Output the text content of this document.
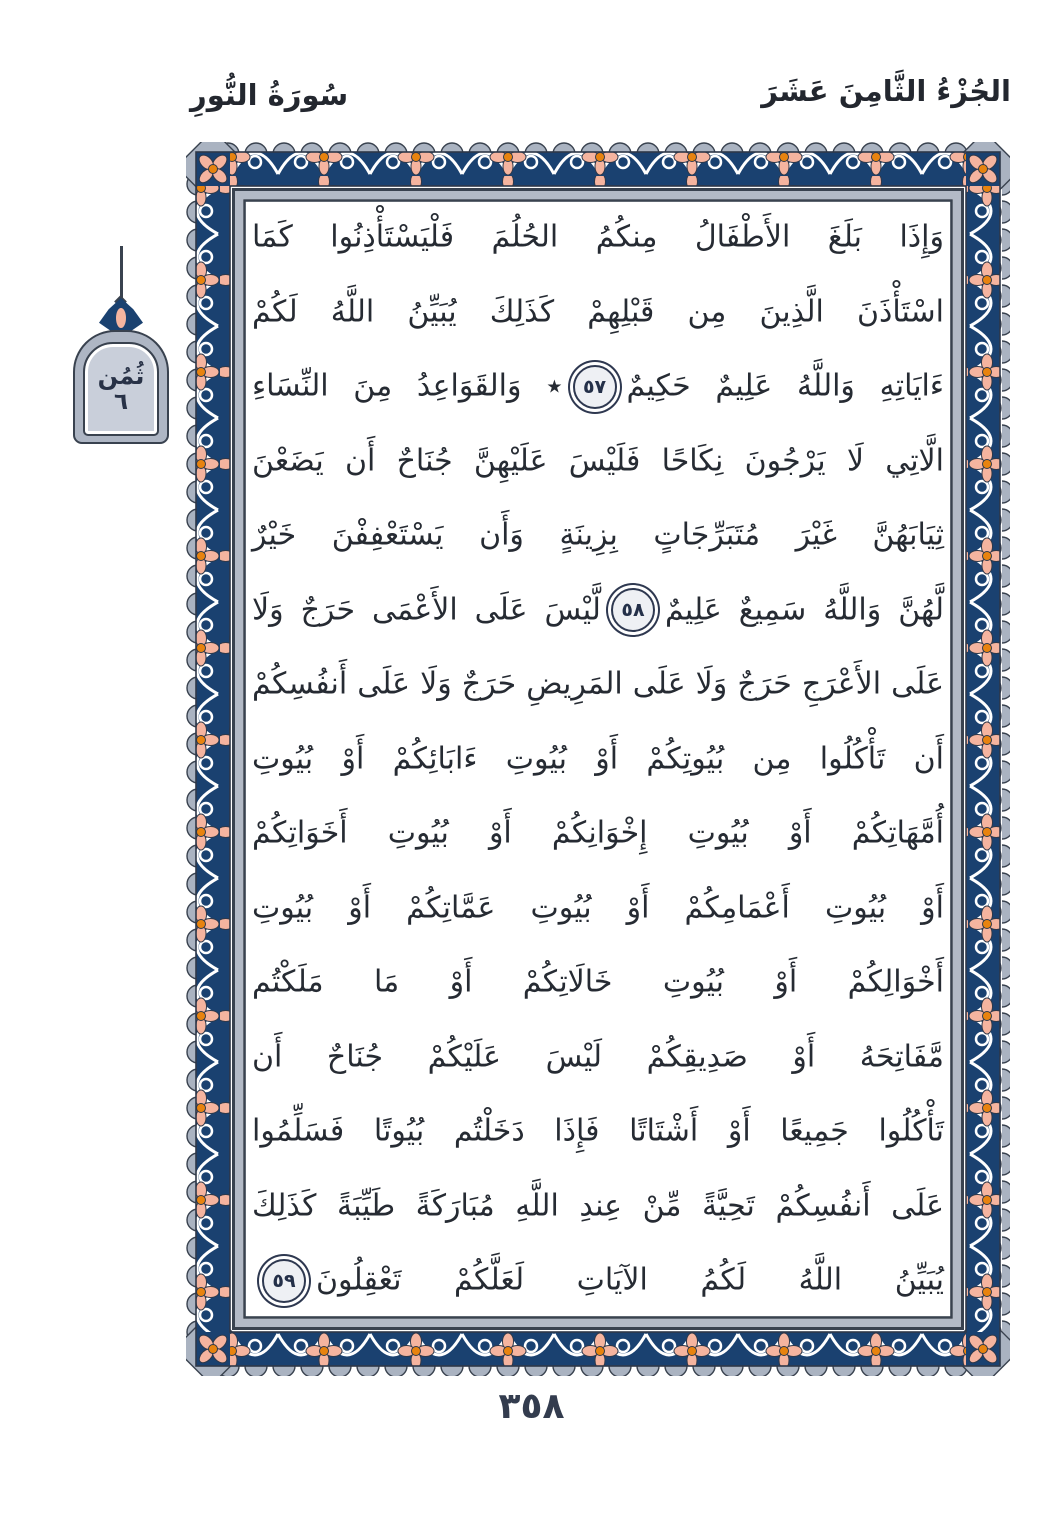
الجُزْءُ الثَّامِنَ عَشَرَ
سُورَةُ النُّورِ
ثُمُن
٦
وَإِذَا بَلَغَ الأَطْفَالُ مِنكُمُ الحُلُمَ فَلْيَسْتَأْذِنُوا كَمَا
اسْتَأْذَنَ الَّذِينَ مِن قَبْلِهِمْ كَذَلِكَ يُبَيِّنُ اللَّهُ لَكُمْ
ءَايَاتِهِ وَاللَّهُ عَلِيمٌ حَكِيمٌ٥٧٭ وَالقَوَاعِدُ مِنَ النِّسَاءِ
الَّاتِي لَا يَرْجُونَ نِكَاحًا فَلَيْسَ عَلَيْهِنَّ جُنَاحٌ أَن يَضَعْنَ
ثِيَابَهُنَّ غَيْرَ مُتَبَرِّجَاتٍ بِزِينَةٍ وَأَن يَسْتَعْفِفْنَ خَيْرٌ
لَّهُنَّ وَاللَّهُ سَمِيعٌ عَلِيمٌ٥٨لَّيْسَ عَلَى الأَعْمَى حَرَجٌ وَلَا
عَلَى الأَعْرَجِ حَرَجٌ وَلَا عَلَى المَرِيضِ حَرَجٌ وَلَا عَلَى أَنفُسِكُمْ
أَن تَأْكُلُوا مِن بُيُوتِكُمْ أَوْ بُيُوتِ ءَابَائِكُمْ أَوْ بُيُوتِ
أُمَّهَاتِكُمْ أَوْ بُيُوتِ إِخْوَانِكُمْ أَوْ بُيُوتِ أَخَوَاتِكُمْ
أَوْ بُيُوتِ أَعْمَامِكُمْ أَوْ بُيُوتِ عَمَّاتِكُمْ أَوْ بُيُوتِ
أَخْوَالِكُمْ أَوْ بُيُوتِ خَالَاتِكُمْ أَوْ مَا مَلَكْتُم
مَّفَاتِحَهُ أَوْ صَدِيقِكُمْ لَيْسَ عَلَيْكُمْ جُنَاحٌ أَن
تَأْكُلُوا جَمِيعًا أَوْ أَشْتَاتًا فَإِذَا دَخَلْتُم بُيُوتًا فَسَلِّمُوا
عَلَى أَنفُسِكُمْ تَحِيَّةً مِّنْ عِندِ اللَّهِ مُبَارَكَةً طَيِّبَةً كَذَلِكَ
يُبَيِّنُ اللَّهُ لَكُمُ الآيَاتِ لَعَلَّكُمْ تَعْقِلُونَ٥٩
٣٥٨
